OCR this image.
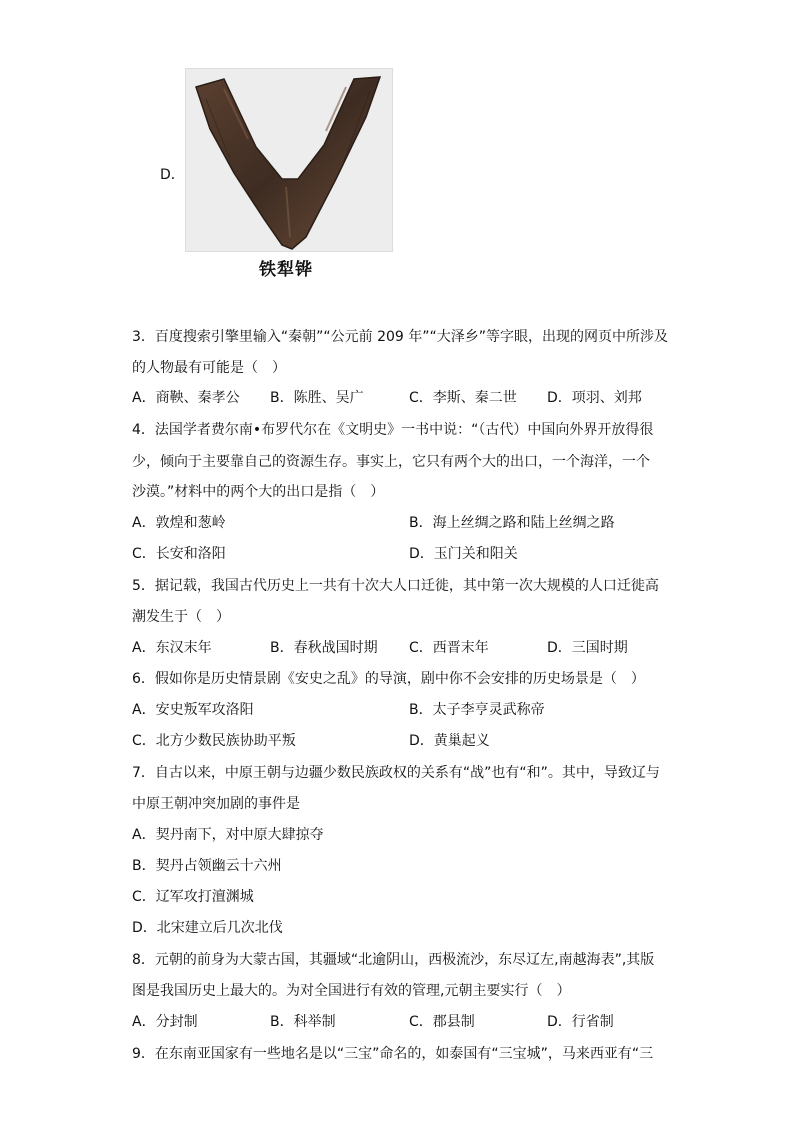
D．
铁犁铧
3．百度搜索引擎里输入“秦朝”“公元前 209 年”“大泽乡”等字眼，出现的网页中所涉及
的人物最有可能是（　）
A．商鞅、秦孝公 B．陈胜、吴广	C．李斯、秦二世 D．项羽、刘邦
4．法国学者费尔南•布罗代尔在《文明史》一书中说：“（古代）中国向外界开放得很
少，倾向于主要靠自己的资源生存。事实上，它只有两个大的出口，一个海洋，一个
沙漠。”材料中的两个大的出口是指（　）
A．敦煌和葱岭	B．海上丝绸之路和陆上丝绸之路
C．长安和洛阳	D．玉门关和阳关
5．据记载，我国古代历史上一共有十次大人口迁徙，其中第一次大规模的人口迁徙高
潮发生于（　）
A．东汉末年	B．春秋战国时期 C．西晋末年	D．三国时期
6．假如你是历史情景剧《安史之乱》的导演，剧中你不会安排的历史场景是（　）
A．安史叛军攻洛阳	B．太子李亨灵武称帝
C．北方少数民族协助平叛	D．黄巢起义
7．自古以来，中原王朝与边疆少数民族政权的关系有“战”也有“和”。其中，导致辽与
中原王朝冲突加剧的事件是
A．契丹南下，对中原大肆掠夺
B．契丹占领幽云十六州
C．辽军攻打澶渊城
D．北宋建立后几次北伐
8．元朝的前身为大蒙古国，其疆域“北逾阴山，西极流沙，东尽辽左,南越海表”,其版
图是我国历史上最大的。为对全国进行有效的管理,元朝主要实行（　）
A．分封制	B．科举制	C．郡县制	D．行省制
9．在东南亚国家有一些地名是以“三宝”命名的，如泰国有“三宝城”，马来西亚有“三
